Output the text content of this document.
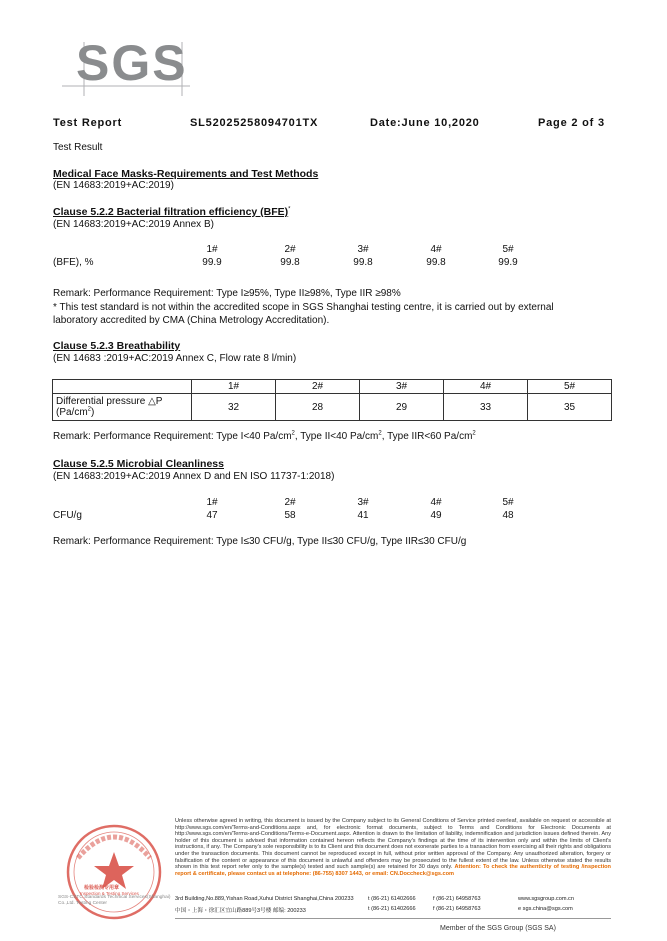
SGS
Test Report	SL52025258094701TX	Date:June 10,2020	Page 2 of 3
Test Result
Medical Face Masks-Requirements and Test Methods
(EN 14683:2019+AC:2019)
Clause 5.2.2 Bacterial filtration efficiency (BFE)*
(EN 14683:2019+AC:2019 Annex B)
1#	2#	3#	4#	5#
(BFE), %	99.9	99.8	99.8	99.8	99.9
Remark: Performance Requirement: Type I≥95%, Type II≥98%, Type IIR ≥98%
* This test standard is not within the accredited scope in SGS Shanghai testing centre, it is carried out by external
laboratory accredited by CMA (China Metrology Accreditation).
Clause 5.2.3 Breathability
(EN 14683 :2019+AC:2019 Annex C, Flow rate 8 l/min)
	1#	2#	3#	4#	5#

Differential pressure △P
$(Pa/cm^2)$	32	28	29	33	35
Remark: Performance Requirement: Type I<40 $Pa/cm^2$, Type II<40 $Pa/cm^2$, Type IIR<60 $Pa/cm^2$
Clause 5.2.5 Microbial Cleanliness
(EN 14683:2019+AC:2019 Annex D and EN ISO 11737-1:2018)
1#	2#	3#	4#	5#
CFU/g	47	58	41	49	48
Remark: Performance Requirement: Type I≤30 CFU/g, Type II≤30 CFU/g, Type IIR≤30 CFU/g
检验检测专用章
Inspection & Testing Services
SGS-CSTC Standards Technical Services(Shanghai) Co.,Ltd. Testing Center
Unless otherwise agreed in writing, this document is issued by the Company subject to its General Conditions of Service printed overleaf, available on request or accessible at http://www.sgs.com/en/Terms-and-Conditions.aspx and, for electronic format documents, subject to Terms and Conditions for Electronic Documents at http://www.sgs.com/en/Terms-and-Conditions/Terms-e-Document.aspx. Attention is drawn to the limitation of liability, indemnification and jurisdiction issues defined therein. Any holder of this document is advised that information contained hereon reflects the Company's findings at the time of its intervention only and within the limits of Client's instructions, if any. The Company's sole responsibility is to its Client and this document does not exonerate parties to a transaction from exercising all their rights and obligations under the transaction documents. This document cannot be reproduced except in full, without prior written approval of the Company. Any unauthorized alteration, forgery or falsification of the content or appearance of this document is unlawful and offenders may be prosecuted to the fullest extent of the law. Unless otherwise stated the results shown in this test report refer only to the sample(s) tested and such sample(s) are retained for 30 days only. Attention: To check the authenticity of testing /inspection report & certificate, please contact us at telephone: (86-755) 8307 1443, or email: CN.Doccheck@sgs.com
3rd Building,No.889,Yishan Road,Xuhui District Shanghai,China 200233
中国・上海・徐汇区宜山路889号3号楼 邮编: 200233
t (86-21) 61402666
t (86-21) 61402666
f (86-21) 64958763
f (86-21) 64958763
www.sgsgroup.com.cn
e sgs.china@sgs.com
Member of the SGS Group (SGS SA)
